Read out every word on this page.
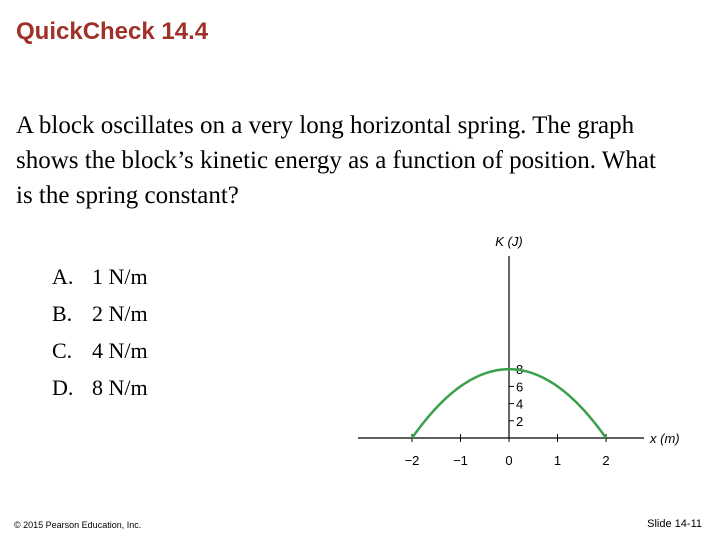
QuickCheck 14.4

A block oscillates on a very long horizontal spring. The graph shows the block’s kinetic energy as a function of position. What is the spring constant?

A. 1 N/m
B. 2 N/m
C. 4 N/m
D. 8 N/m
−2	−1	0	1	2
2
4
6
8
x (m)
K (J)
© 2015 Pearson Education, Inc.	Slide 14-11
